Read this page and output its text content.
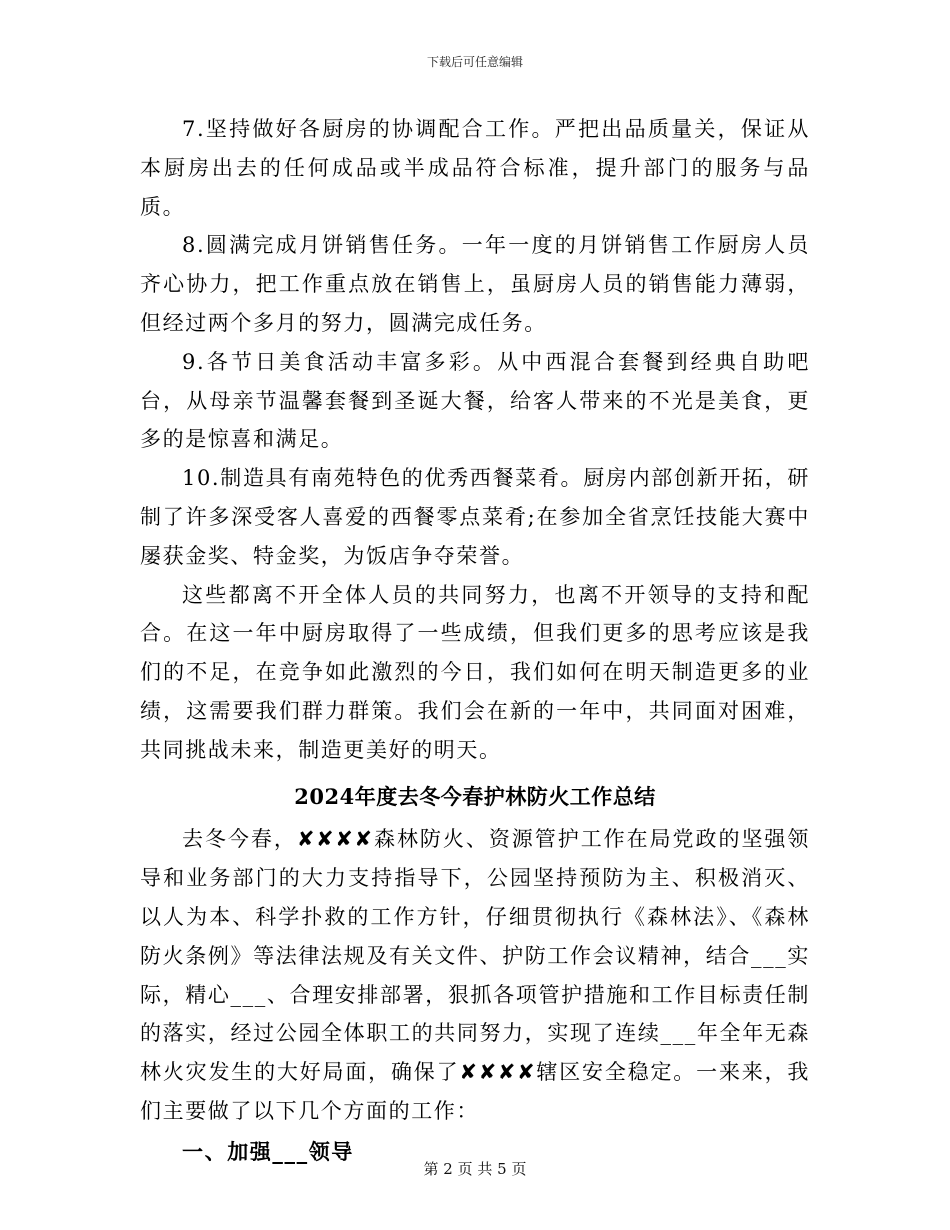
下载后可任意编辑

7.坚持做好各厨房的协调配合工作。严把出品质量关，保证从本厨房出去的任何成品或半成品符合标准，提升部门的服务与品质。

8.圆满完成月饼销售任务。一年一度的月饼销售工作厨房人员齐心协力，把工作重点放在销售上，虽厨房人员的销售能力薄弱，但经过两个多月的努力，圆满完成任务。

9.各节日美食活动丰富多彩。从中西混合套餐到经典自助吧台，从母亲节温馨套餐到圣诞大餐，给客人带来的不光是美食，更多的是惊喜和满足。

10.制造具有南苑特色的优秀西餐菜肴。厨房内部创新开拓，研制了许多深受客人喜爱的西餐零点菜肴;在参加全省烹饪技能大赛中屡获金奖、特金奖，为饭店争夺荣誉。

这些都离不开全体人员的共同努力，也离不开领导的支持和配合。在这一年中厨房取得了一些成绩，但我们更多的思考应该是我们的不足，在竞争如此激烈的今日，我们如何在明天制造更多的业绩，这需要我们群力群策。我们会在新的一年中，共同面对困难，共同挑战未来，制造更美好的明天。

2024年度去冬今春护林防火工作总结

去冬今春，✘✘✘✘森林防火、资源管护工作在局党政的坚强领导和业务部门的大力支持指导下，公园坚持预防为主、积极消灭、以人为本、科学扑救的工作方针，仔细贯彻执行《森林法》、《森林防火条例》等法律法规及有关文件、护防工作会议精神，结合___实际，精心___、合理安排部署，狠抓各项管护措施和工作目标责任制的落实，经过公园全体职工的共同努力，实现了连续___年全年无森林火灾发生的大好局面，确保了✘✘✘✘辖区安全稳定。一来来，我们主要做了以下几个方面的工作：

一、加强___领导

第 2 页 共 5 页
